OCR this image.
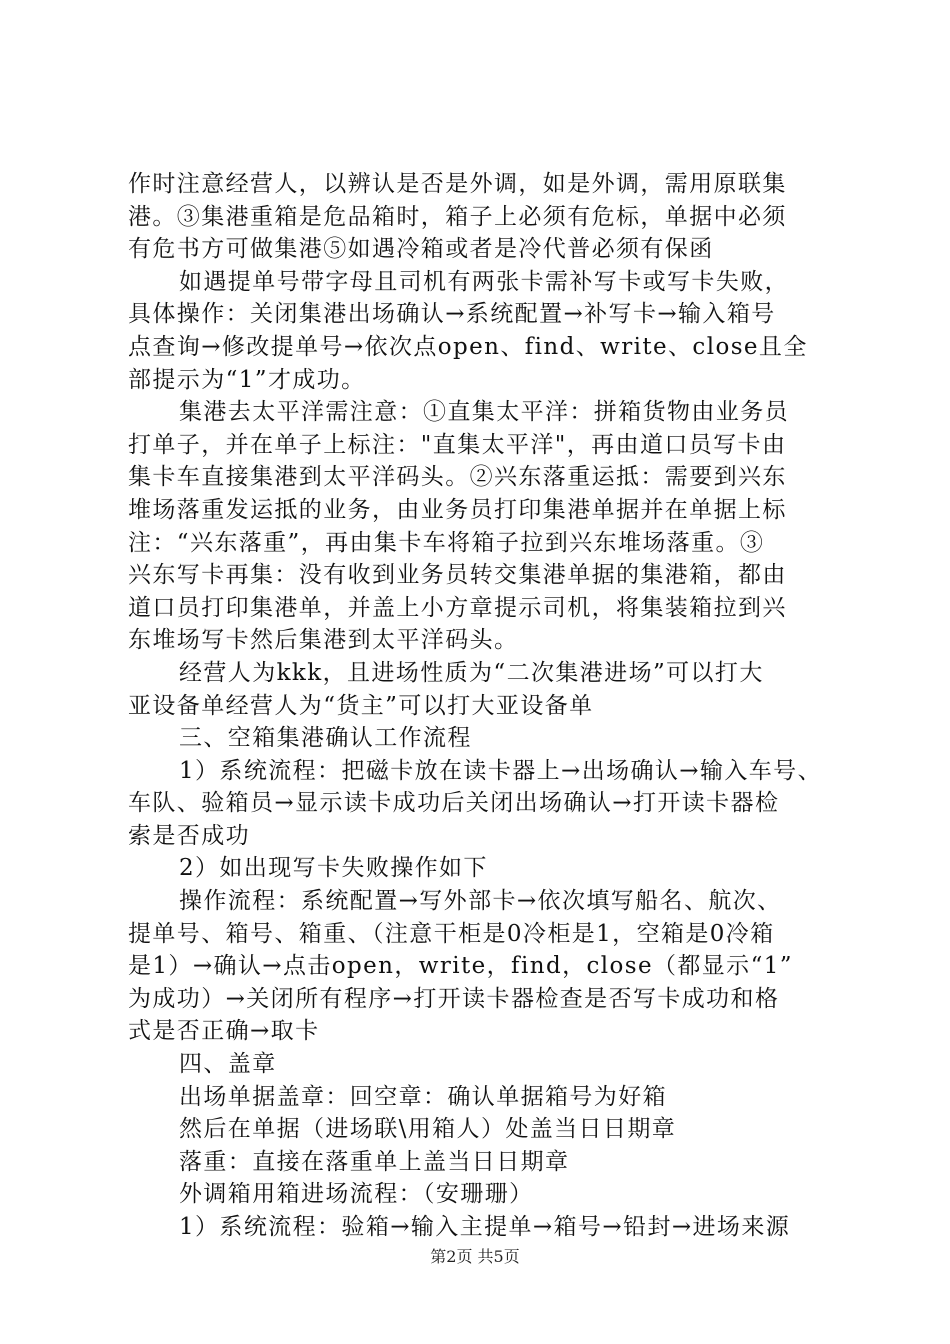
作时注意经营人，以辨认是否是外调，如是外调，需用原联集
港。③集港重箱是危品箱时，箱子上必须有危标，单据中必须
有危书方可做集港⑤如遇冷箱或者是冷代普必须有保函
如遇提单号带字母且司机有两张卡需补写卡或写卡失败，
具体操作：关闭集港出场确认→系统配置→补写卡→输入箱号
点查询→修改提单号→依次点open、find、write、close且全
部提示为“1”才成功。
集港去太平洋需注意：①直集太平洋：拼箱货物由业务员
打单子，并在单子上标注："直集太平洋"，再由道口员写卡由
集卡车直接集港到太平洋码头。②兴东落重运抵：需要到兴东
堆场落重发运抵的业务，由业务员打印集港单据并在单据上标
注：“兴东落重”，再由集卡车将箱子拉到兴东堆场落重。③
兴东写卡再集：没有收到业务员转交集港单据的集港箱，都由
道口员打印集港单，并盖上小方章提示司机，将集装箱拉到兴
东堆场写卡然后集港到太平洋码头。
经营人为kkk，且进场性质为“二次集港进场”可以打大
亚设备单经营人为“货主”可以打大亚设备单
三、空箱集港确认工作流程
1）系统流程：把磁卡放在读卡器上→出场确认→输入车号、
车队、验箱员→显示读卡成功后关闭出场确认→打开读卡器检
索是否成功
2）如出现写卡失败操作如下
操作流程：系统配置→写外部卡→依次填写船名、航次、
提单号、箱号、箱重、（注意干柜是0冷柜是1，空箱是0冷箱
是1）→确认→点击open，write，find，close（都显示“1”
为成功）→关闭所有程序→打开读卡器检查是否写卡成功和格
式是否正确→取卡
四、盖章
出场单据盖章：回空章：确认单据箱号为好箱
然后在单据（进场联\用箱人）处盖当日日期章
落重：直接在落重单上盖当日日期章
外调箱用箱进场流程：（安珊珊）
1）系统流程：验箱→输入主提单→箱号→铅封→进场来源
第2页 共5页
